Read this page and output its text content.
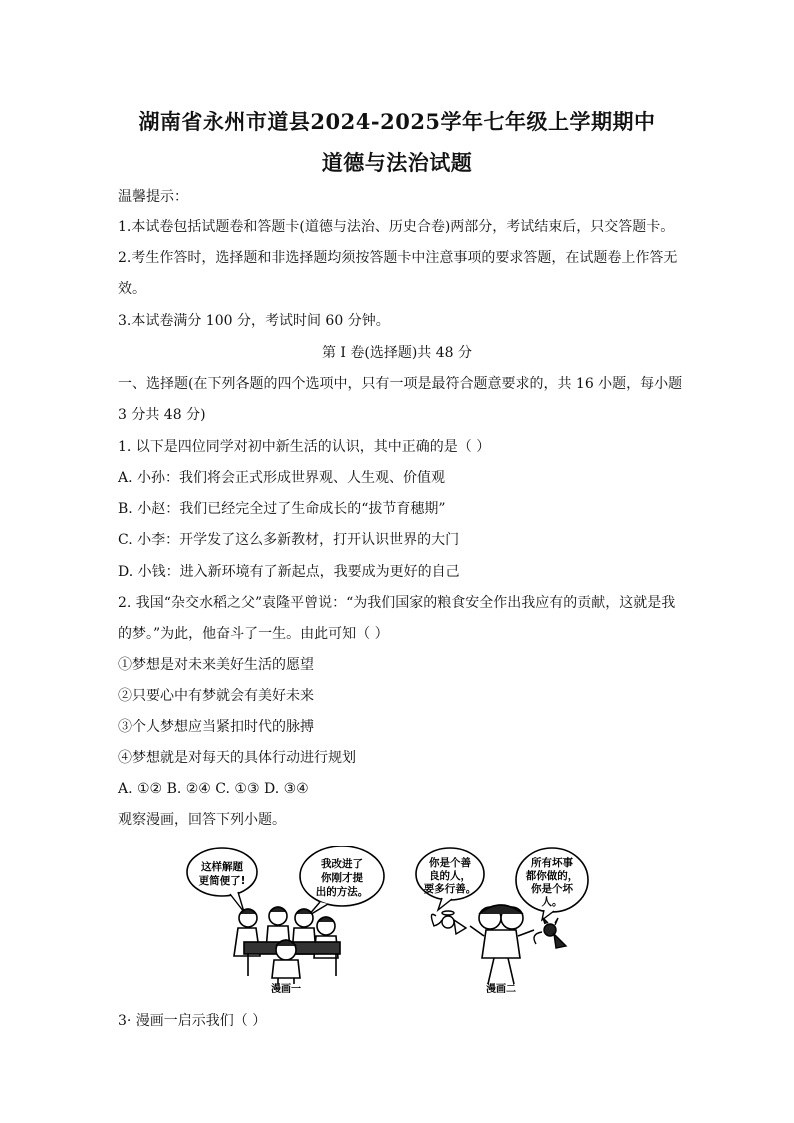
湖南省永州市道县2024-2025学年七年级上学期期中
道德与法治试题
温馨提示：
1.本试卷包括试题卷和答题卡(道德与法治、历史合卷)两部分，考试结束后，只交答题卡。
2.考生作答时，选择题和非选择题均须按答题卡中注意事项的要求答题，在试题卷上作答无
效。
3.本试卷满分 100 分，考试时间 60 分钟。
第 I 卷(选择题)共 48 分
一、选择题(在下列各题的四个选项中，只有一项是最符合题意要求的，共 16 小题，每小题
3 分共 48 分)
1. 以下是四位同学对初中新生活的认识，其中正确的是（ ）
A. 小孙：我们将会正式形成世界观、人生观、价值观
B. 小赵：我们已经完全过了生命成长的“拔节育穗期”
C. 小李：开学发了这么多新教材，打开认识世界的大门
D. 小钱：进入新环境有了新起点，我要成为更好的自己
2. 我国“杂交水稻之父”袁隆平曾说：“为我们国家的粮食安全作出我应有的贡献，这就是我
的梦。”为此，他奋斗了一生。由此可知（ ）
①梦想是对未来美好生活的愿望
②只要心中有梦就会有美好未来
③个人梦想应当紧扣时代的脉搏
④梦想就是对每天的具体行动进行规划
A. ①② B. ②④ C. ①③ D. ③④
观察漫画，回答下列小题。
这样解题
更简便了!
我改进了
你刚才提
出的方法。
漫画一
你是个善
良的人，
要多行善。
所有坏事
都你做的，
你是个坏
人。
漫画二
3· 漫画一启示我们（ ）
